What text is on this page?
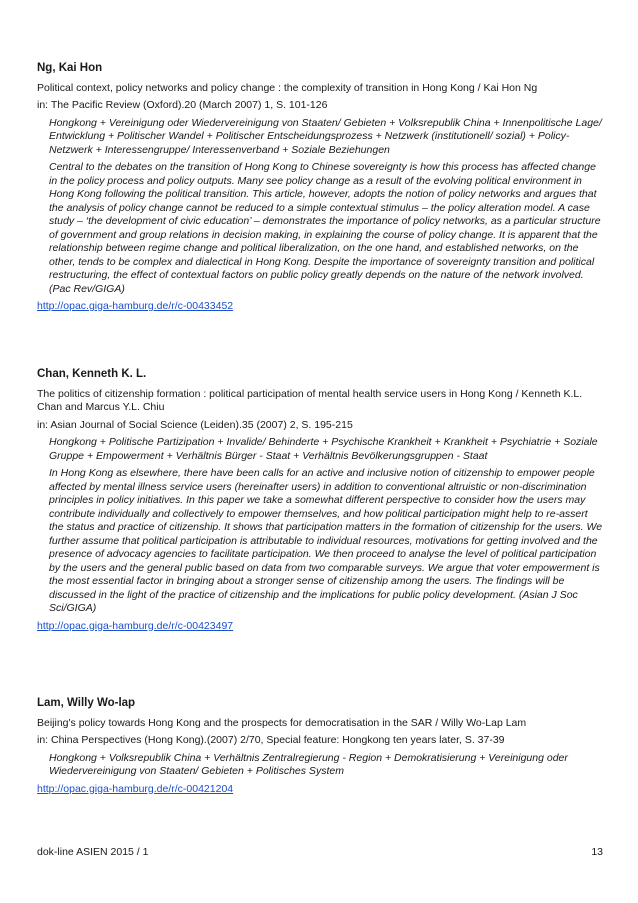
Ng, Kai Hon
Political context, policy networks and policy change : the complexity of transition in Hong Kong / Kai Hon Ng
in: The Pacific Review (Oxford).20 (March 2007) 1, S. 101-126
Hongkong + Vereinigung oder Wiedervereinigung von Staaten/ Gebieten + Volksrepublik China + Innenpolitische Lage/ Entwicklung + Politischer Wandel + Politischer Entscheidungsprozess + Netzwerk (institutionell/ sozial) + Policy-Netzwerk + Interessengruppe/ Interessenverband + Soziale Beziehungen
Central to the debates on the transition of Hong Kong to Chinese sovereignty is how this process has affected change in the policy process and policy outputs. Many see policy change as a result of the evolving political environment in Hong Kong following the political transition. This article, however, adopts the notion of policy networks and argues that the analysis of policy change cannot be reduced to a simple contextual stimulus – the policy alteration model. A case study – ‘the development of civic education’ – demonstrates the importance of policy networks, as a particular structure of government and group relations in decision making, in explaining the course of policy change. It is apparent that the relationship between regime change and political liberalization, on the one hand, and established networks, on the other, tends to be complex and dialectical in Hong Kong. Despite the importance of sovereignty transition and political restructuring, the effect of contextual factors on public policy greatly depends on the nature of the network involved. (Pac Rev/GIGA)
http://opac.giga-hamburg.de/r/c-00433452
Chan, Kenneth K. L.
The politics of citizenship formation : political participation of mental health service users in Hong Kong / Kenneth K.L. Chan and Marcus Y.L. Chiu
in: Asian Journal of Social Science (Leiden).35 (2007) 2, S. 195-215
Hongkong + Politische Partizipation + Invalide/ Behinderte + Psychische Krankheit + Krankheit + Psychiatrie + Soziale Gruppe + Empowerment + Verhältnis Bürger - Staat + Verhältnis Bevölkerungsgruppen - Staat
In Hong Kong as elsewhere, there have been calls for an active and inclusive notion of citizenship to empower people affected by mental illness service users (hereinafter users) in addition to conventional altruistic or non-discrimination principles in policy initiatives. In this paper we take a somewhat different perspective to consider how the users may contribute individually and collectively to empower themselves, and how political participation might help to re-assert the status and practice of citizenship. It shows that participation matters in the formation of citizenship for the users. We further assume that political participation is attributable to individual resources, motivations for getting involved and the presence of advocacy agencies to facilitate participation. We then proceed to analyse the level of political participation by the users and the general public based on data from two comparable surveys. We argue that voter empowerment is the most essential factor in bringing about a stronger sense of citizenship among the users. The findings will be discussed in the light of the practice of citizenship and the implications for public policy development. (Asian J Soc Sci/GIGA)
http://opac.giga-hamburg.de/r/c-00423497
Lam, Willy Wo-lap
Beijing's policy towards Hong Kong and the prospects for democratisation in the SAR / Willy Wo-Lap Lam
in: China Perspectives (Hong Kong).(2007) 2/70, Special feature: Hongkong ten years later, S. 37-39
Hongkong + Volksrepublik China + Verhältnis Zentralregierung - Region + Demokratisierung + Vereinigung oder Wiedervereinigung von Staaten/ Gebieten + Politisches System
http://opac.giga-hamburg.de/r/c-00421204
dok-line ASIEN 2015 / 1	13
